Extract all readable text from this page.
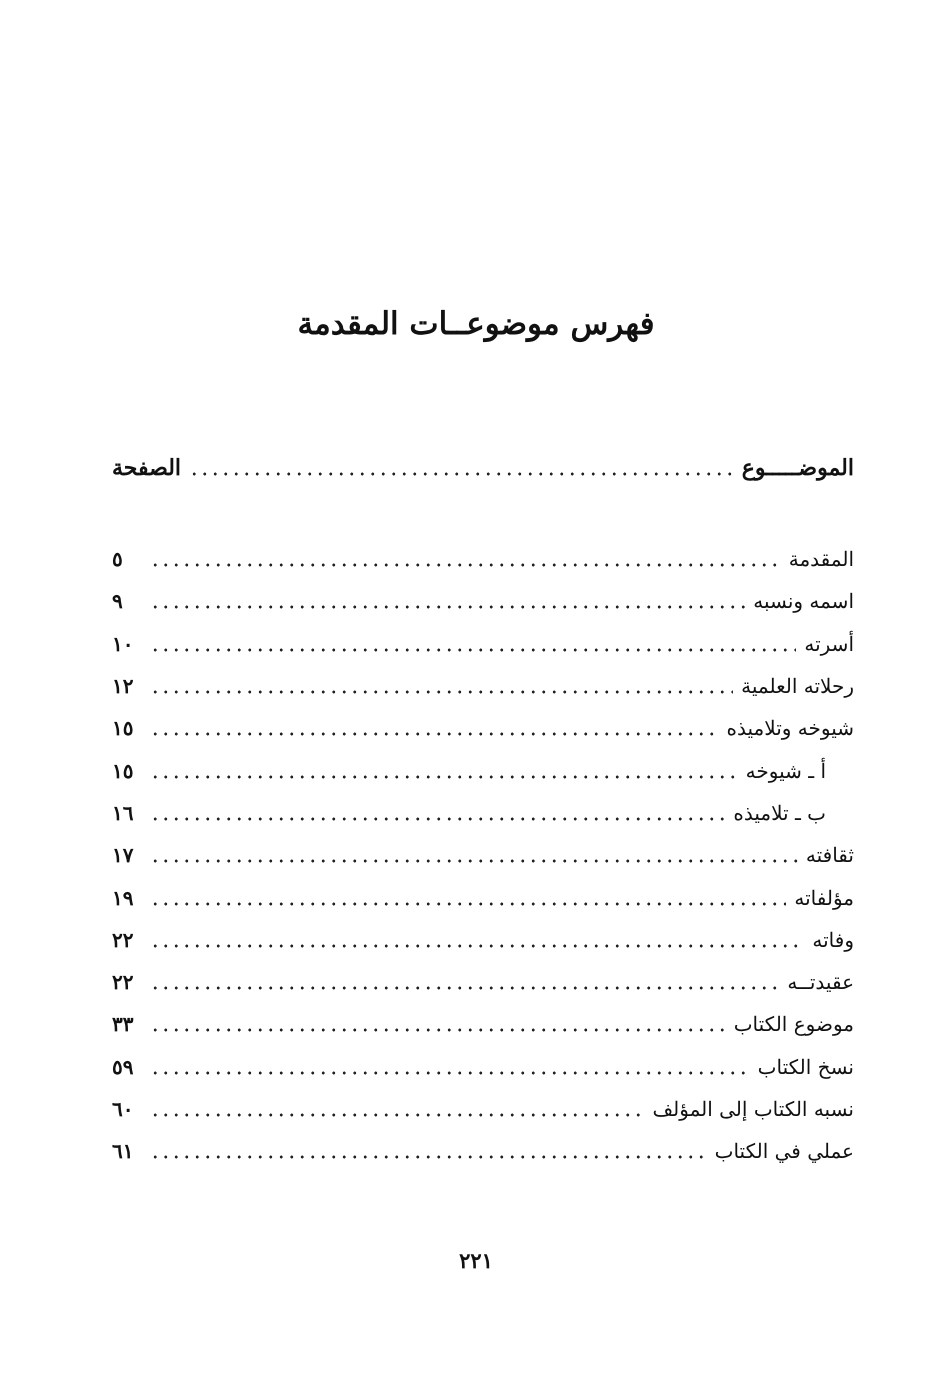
فهرس موضوعــات المقدمة
الموضـــــوع
الصفحة
المقدمة
٥
اسمه ونسبه
٩
أسرته
١٠
رحلاته العلمية
١٢
شيوخه وتلاميذه
١٥
أ ـ شيوخه
١٥
ب ـ تلاميذه
١٦
ثقافته
١٧
مؤلفاته
١٩
وفاته
٢٢
عقيدتــه
٢٢
موضوع الكتاب
٣٣
نسخ الكتاب
٥٩
نسبه الكتاب إلى المؤلف
٦٠
عملي في الكتاب
٦١
٢٢١
